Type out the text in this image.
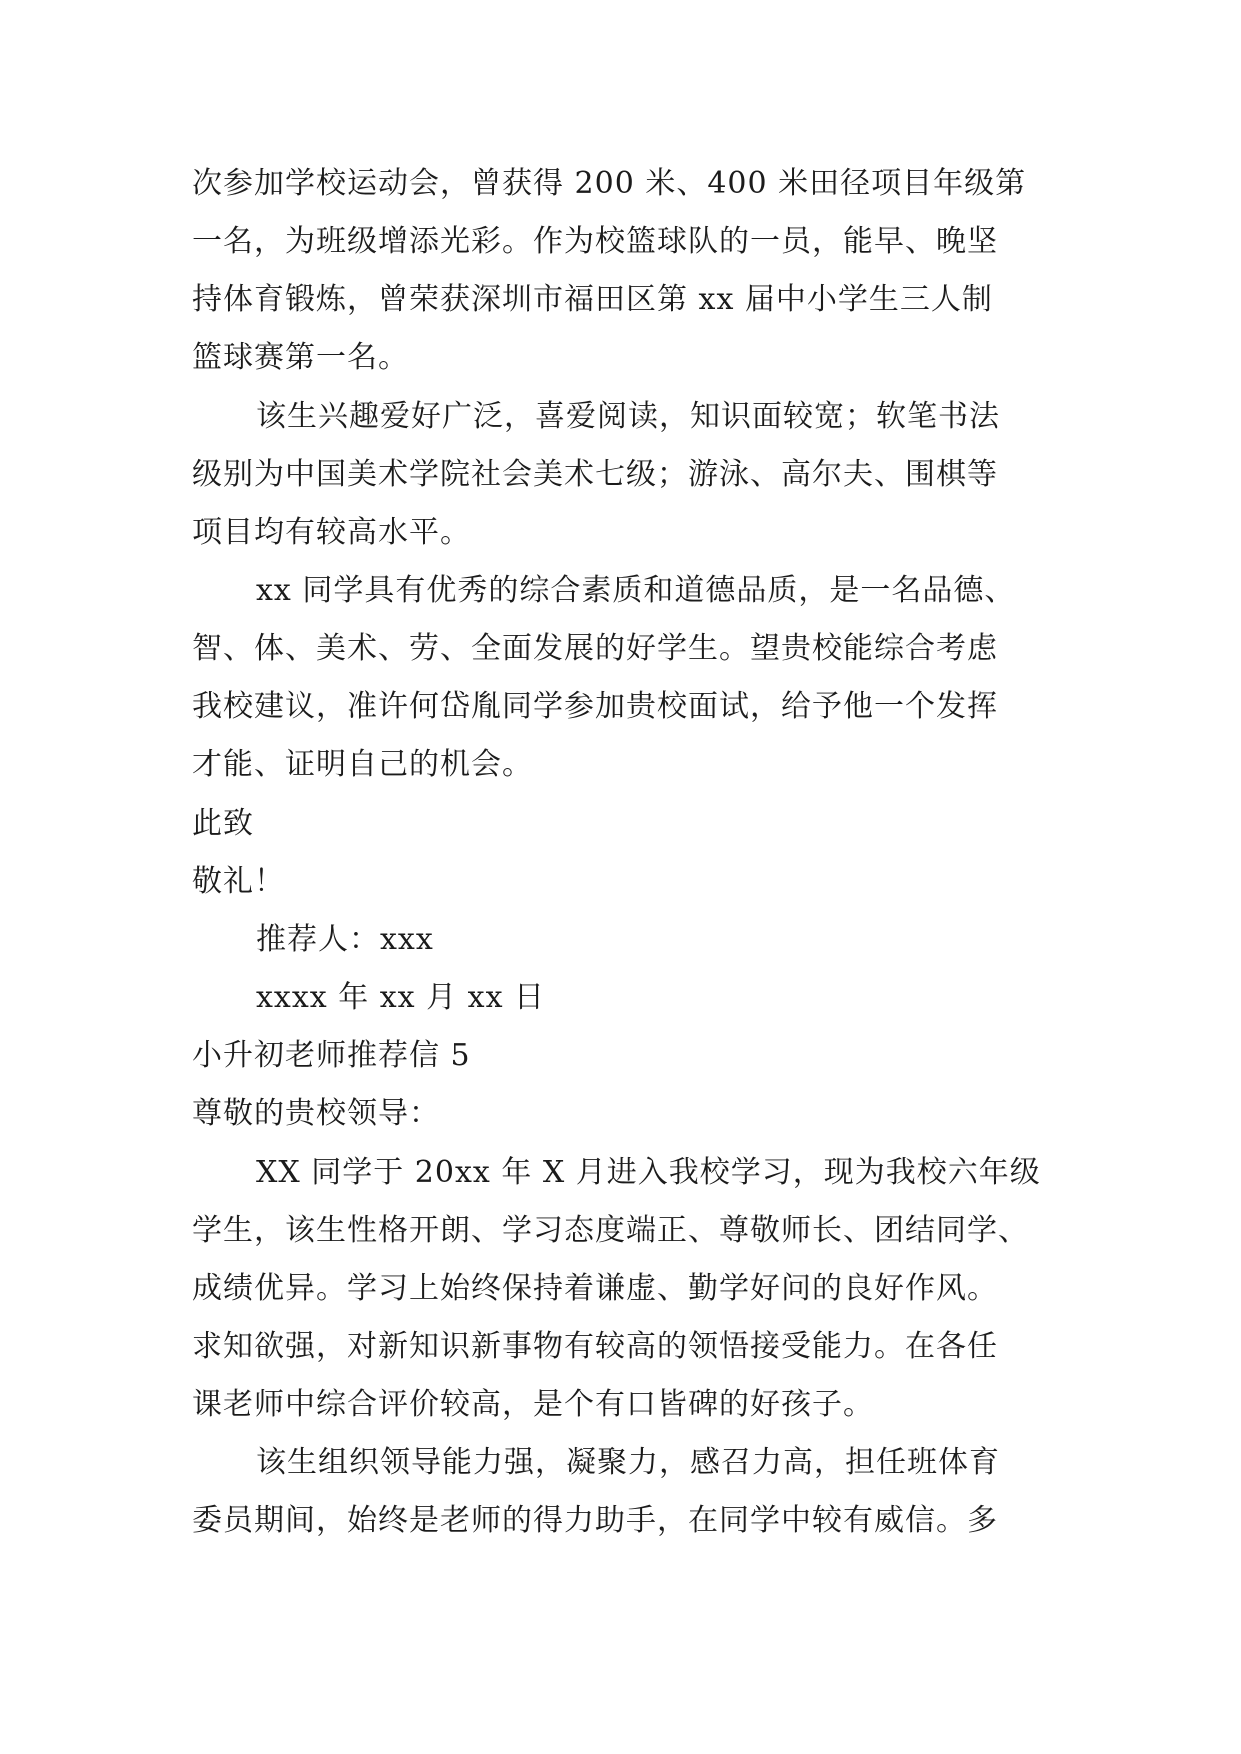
次参加学校运动会，曾获得 200 米、400 米田径项目年级第
一名，为班级增添光彩。作为校篮球队的一员，能早、晚坚
持体育锻炼，曾荣获深圳市福田区第 xx 届中小学生三人制
篮球赛第一名。
该生兴趣爱好广泛，喜爱阅读，知识面较宽；软笔书法
级别为中国美术学院社会美术七级；游泳、高尔夫、围棋等
项目均有较高水平。
xx 同学具有优秀的综合素质和道德品质，是一名品德、
智、体、美术、劳、全面发展的好学生。望贵校能综合考虑
我校建议，准许何岱胤同学参加贵校面试，给予他一个发挥
才能、证明自己的机会。
此致
敬礼！
推荐人：xxx
xxxx 年 xx 月 xx 日
小升初老师推荐信 5
尊敬的贵校领导：
XX 同学于 20xx 年 X 月进入我校学习，现为我校六年级
学生，该生性格开朗、学习态度端正、尊敬师长、团结同学、
成绩优异。学习上始终保持着谦虚、勤学好问的良好作风。
求知欲强，对新知识新事物有较高的领悟接受能力。在各任
课老师中综合评价较高，是个有口皆碑的好孩子。
该生组织领导能力强，凝聚力，感召力高，担任班体育
委员期间，始终是老师的得力助手，在同学中较有威信。多
